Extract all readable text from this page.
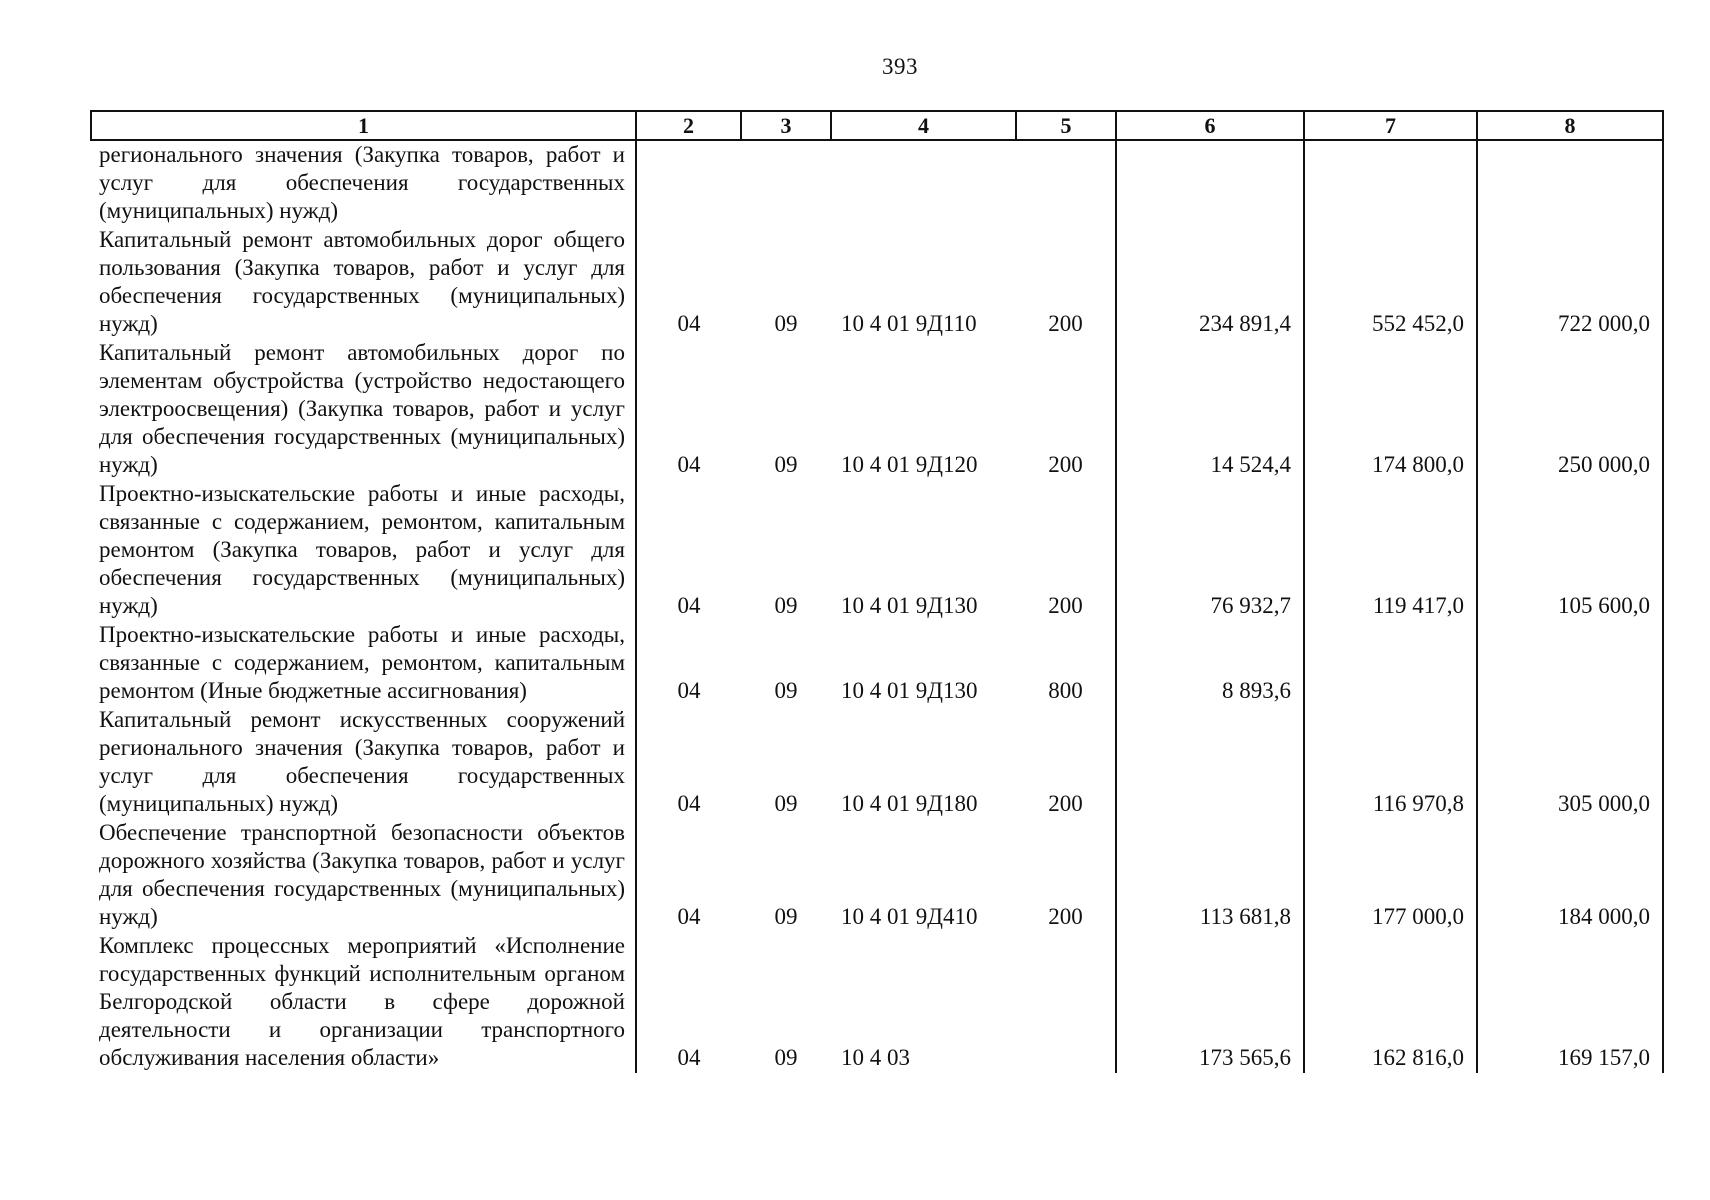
393
1	2	3	4	5	6	7	8
регионального значения (Закупка товаров, работ и услуг для обеспечения государственных (муниципальных) нужд)							
Капитальный ремонт автомобильных дорог общего пользования (Закупка товаров, работ и услуг для обеспечения государственных (муниципальных) нужд)	04	09	10 4 01 9Д110	200	234 891,4	552 452,0	722 000,0
Капитальный ремонт автомобильных дорог по элементам обустройства (устройство недостающего электроосвещения) (Закупка товаров, работ и услуг для обеспечения государственных (муниципальных) нужд)	04	09	10 4 01 9Д120	200	14 524,4	174 800,0	250 000,0
Проектно-изыскательские работы и иные расходы, связанные с содержанием, ремонтом, капитальным ремонтом (Закупка товаров, работ и услуг для обеспечения государственных (муниципальных) нужд)	04	09	10 4 01 9Д130	200	76 932,7	119 417,0	105 600,0
Проектно-изыскательские работы и иные расходы, связанные с содержанием, ремонтом, капитальным ремонтом (Иные бюджетные ассигнования)	04	09	10 4 01 9Д130	800	8 893,6		
Капитальный ремонт искусственных сооружений регионального значения (Закупка товаров, работ и услуг для обеспечения государственных (муниципальных) нужд)	04	09	10 4 01 9Д180	200		116 970,8	305 000,0
Обеспечение транспортной безопасности объектов дорожного хозяйства (Закупка товаров, работ и услуг для обеспечения государственных (муниципальных) нужд)	04	09	10 4 01 9Д410	200	113 681,8	177 000,0	184 000,0
Комплекс процессных мероприятий «Исполнение государственных функций исполнительным органом Белгородской области в сфере дорожной деятельности и организации транспортного обслуживания населения области»	04	09	10 4 03		173 565,6	162 816,0	169 157,0
